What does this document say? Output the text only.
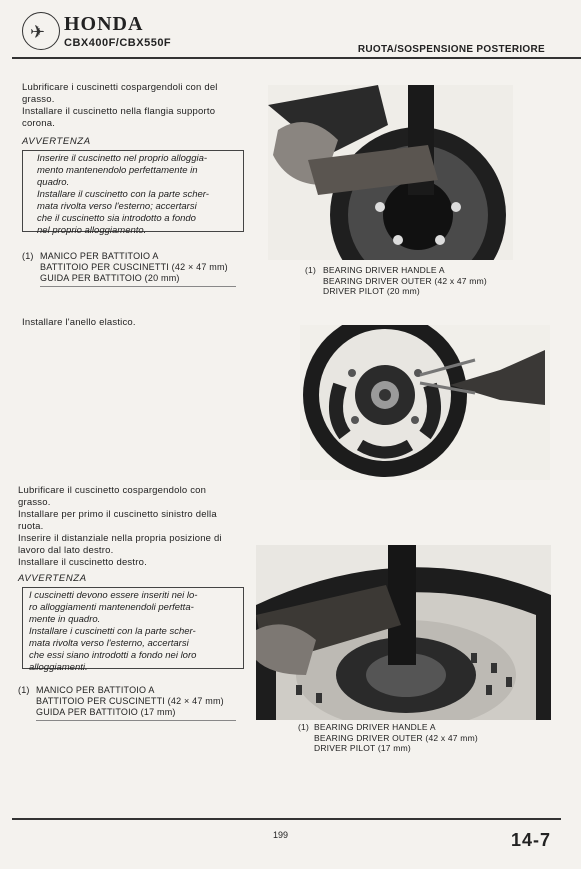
✈ HONDA
CBX400F/CBX550F
RUOTA/SOSPENSIONE POSTERIORE
Lubrificare i cuscinetti cospargendoli con del
grasso.
Installare il cuscinetto nella flangia supporto
corona.
AVVERTENZA
Inserire il cuscinetto nel proprio alloggia-
mento mantenendolo perfettamente in
quadro.
Installare il cuscinetto con la parte scher-
mata rivolta verso l'esterno; accertarsi
che il cuscinetto sia introdotto a fondo
nel proprio alloggiamento.
(1) MANICO PER BATTITOIO A
BATTITOIO PER CUSCINETTI (42 × 47 mm)
GUIDA PER BATTITOIO (20 mm)
(1) BEARING DRIVER HANDLE A
BEARING DRIVER OUTER (42 x 47 mm)
DRIVER PILOT (20 mm)
Installare l'anello elastico.
Lubrificare il cuscinetto cospargendolo con
grasso.
Installare per primo il cuscinetto sinistro della
ruota.
Inserire il distanziale nella propria posizione di
lavoro dal lato destro.
Installare il cuscinetto destro.
AVVERTENZA
I cuscinetti devono essere inseriti nei lo-
ro alloggiamenti mantenendoli perfetta-
mente in quadro.
Installare i cuscinetti con la parte scher-
mata rivolta verso l'esterno, accertarsi
che essi siano introdotti a fondo nei loro
alloggiamenti.
(1) MANICO PER BATTITOIO A
BATTITOIO PER CUSCINETTI (42 × 47 mm)
GUIDA PER BATTITOIO (17 mm)
(1) BEARING DRIVER HANDLE A
BEARING DRIVER OUTER (42 x 47 mm)
DRIVER PILOT (17 mm)
199	14-7
